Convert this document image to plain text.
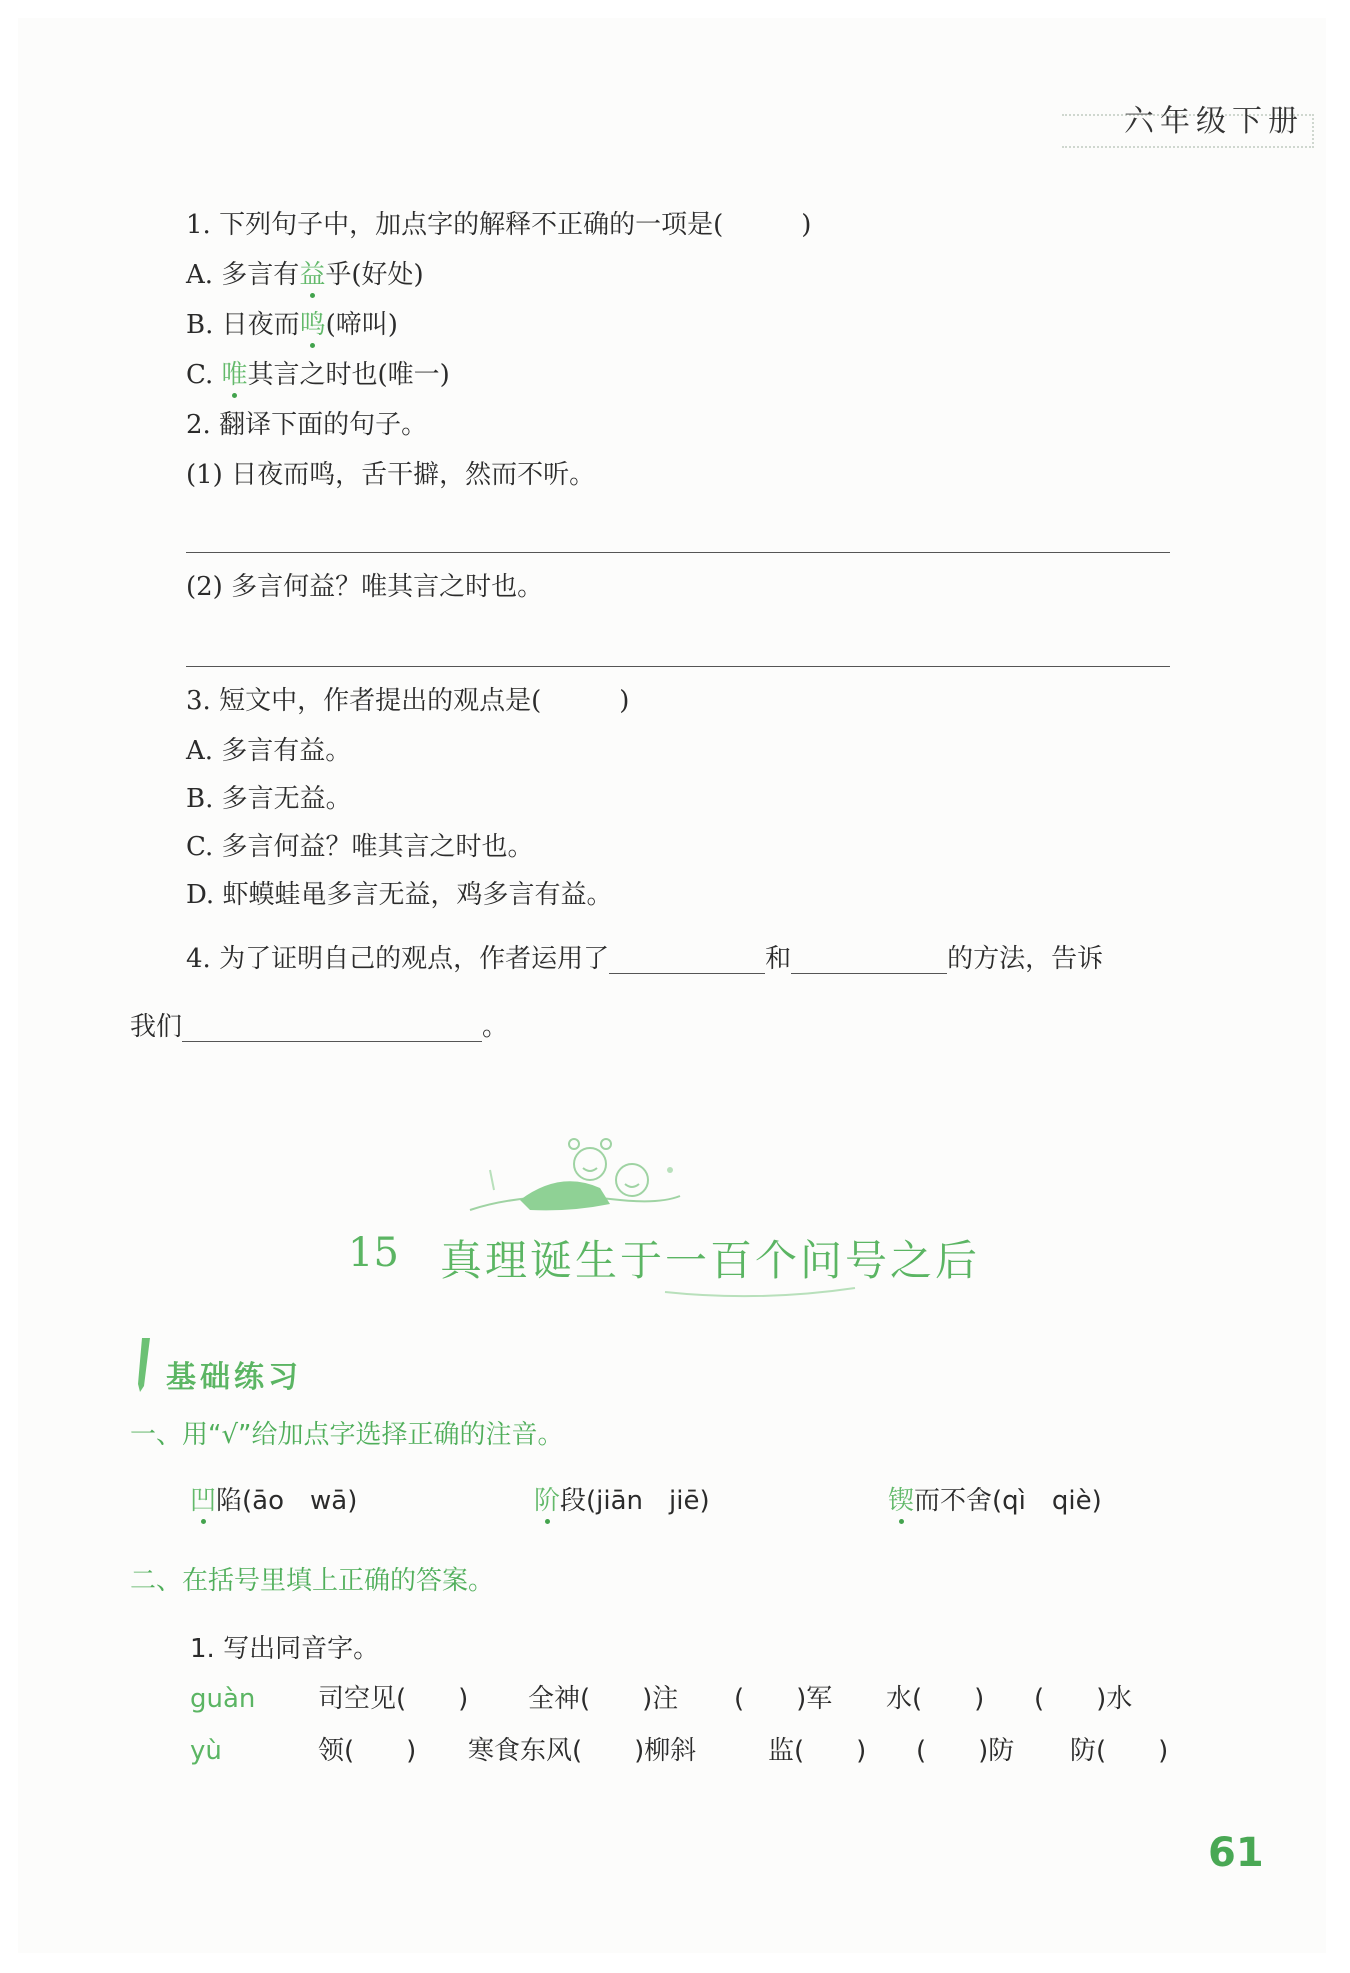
六年级下册
1. 下列句子中，加点字的解释不正确的一项是(　　　)
A. 多言有益乎(好处)
B. 日夜而鸣(啼叫)
C. 唯其言之时也(唯一)
2. 翻译下面的句子。
(1) 日夜而鸣，舌干擗，然而不听。
(2) 多言何益？唯其言之时也。
3. 短文中，作者提出的观点是(　　　)
A. 多言有益。
B. 多言无益。
C. 多言何益？唯其言之时也。
D. 虾蟆蛙黾多言无益，鸡多言有益。
4. 为了证明自己的观点，作者运用了	和	的方法，告诉
我们	。
15 真理诞生于一百个问号之后
基础练习
一、用“√”给加点字选择正确的注音。
凹陷(āo　wā)	阶段(jiān　jiē)	锲而不舍(qì　qiè)
二、在括号里填上正确的答案。
1. 写出同音字。
guàn 司空见(　　) 全神(　　)注 (　　)军 水(　　) (　　)水
yù	领(　　) 寒食东风(　　)柳斜	监(　　) (　　)防 防(　　)
61
